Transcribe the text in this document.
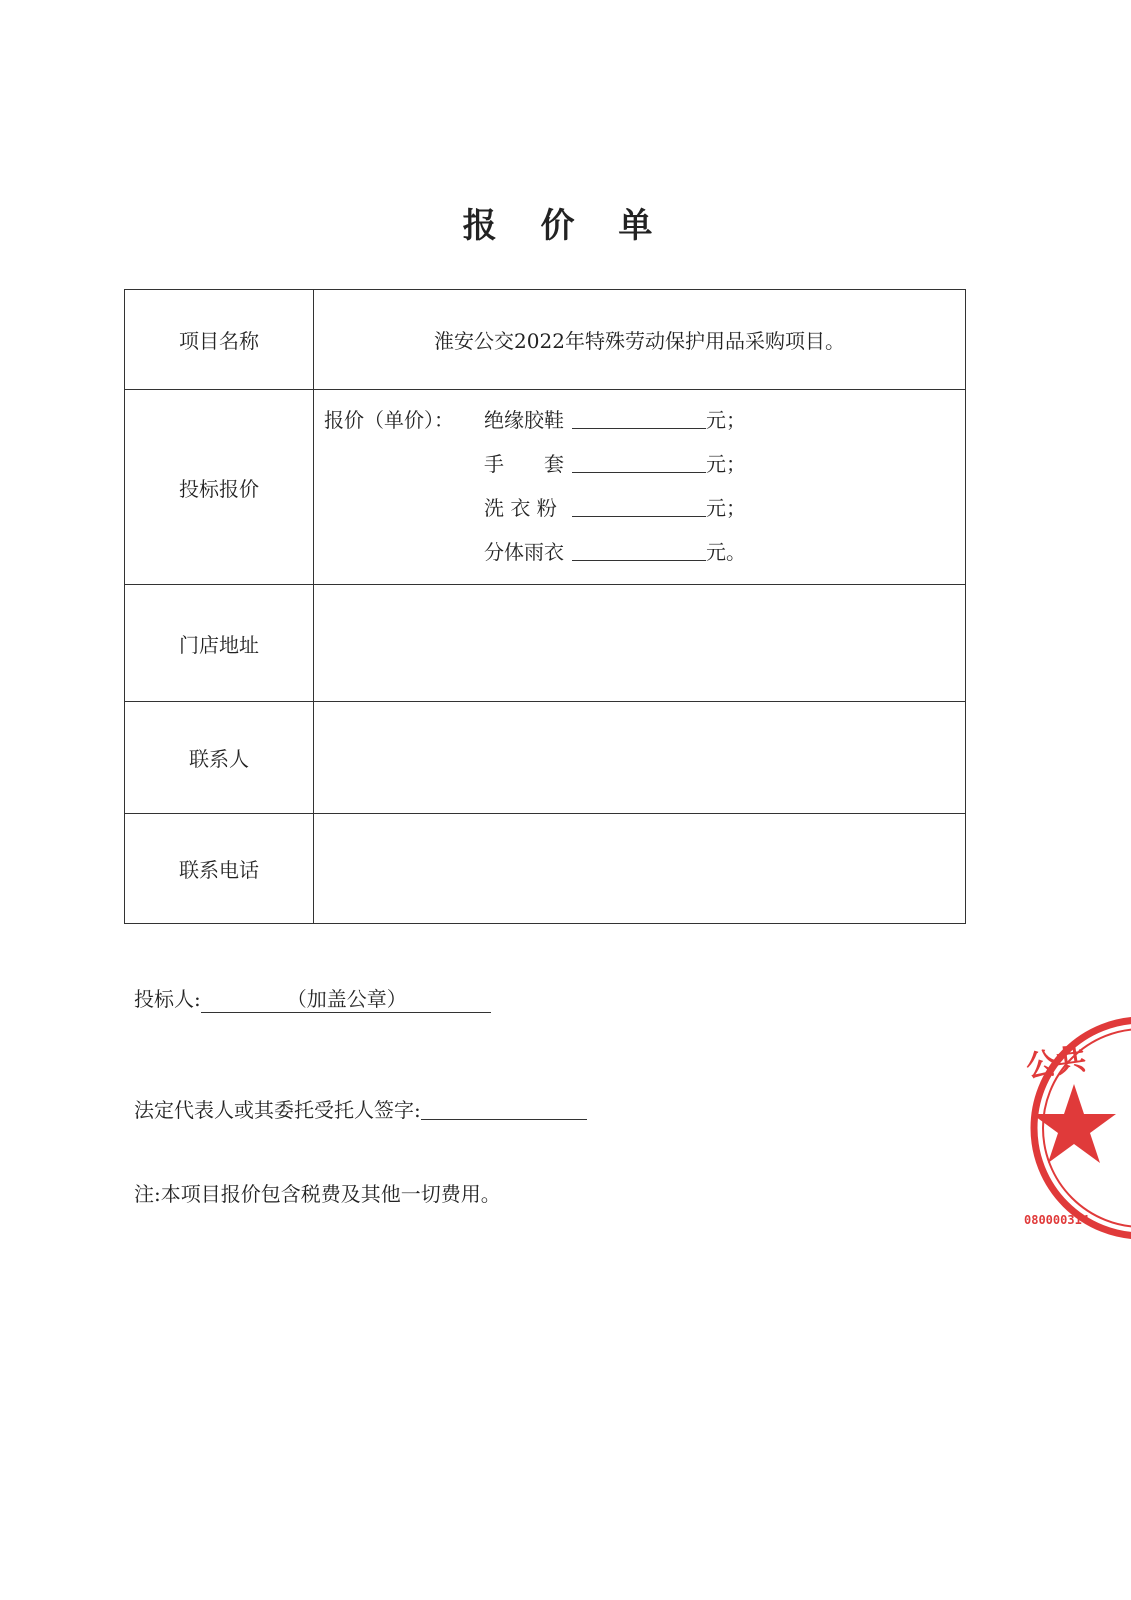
报 价 单
项目名称	淮安公交2022年特殊劳动保护用品采购项目。
投标报价	报价（单价）： 绝缘胶鞋 元；
手　　套 元；
洗 衣 粉 元；
分体雨衣 元。

门店地址	
联系人	
联系电话	
投标人:	（加盖公章）
法定代表人或其委托受托人签字:
注:本项目报价包含税费及其他一切费用。
公共
080000314
